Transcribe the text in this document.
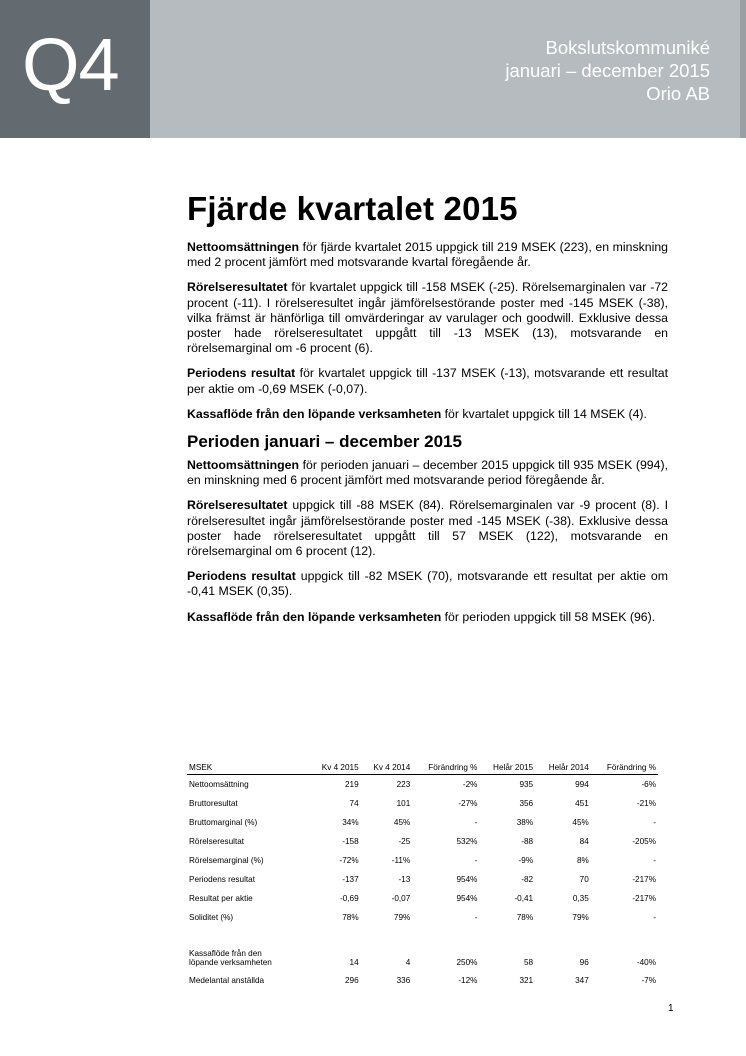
Q4	Bokslutskommuniké
januari – december 2015
Orio AB
Fjärde kvartalet 2015

Nettoomsättningen för fjärde kvartalet 2015 uppgick till 219 MSEK (223), en minskning med 2 procent jämfört med motsvarande kvartal föregående år.

Rörelseresultatet för kvartalet uppgick till -158 MSEK (-25). Rörelsemarginalen var -72 procent (-11). I rörelseresultet ingår jämförelsestörande poster med -145 MSEK (-38), vilka främst är hänförliga till omvärderingar av varulager och goodwill. Exklusive dessa poster hade rörelseresultatet uppgått till -13 MSEK (13), motsvarande en rörelsemarginal om -6 procent (6).

Periodens resultat för kvartalet uppgick till -137 MSEK (-13), motsvarande ett resultat per aktie om -0,69 MSEK (-0,07).

Kassaflöde från den löpande verksamheten för kvartalet uppgick till 14 MSEK (4).

Perioden januari – december 2015

Nettoomsättningen för perioden januari – december 2015 uppgick till 935 MSEK (994), en minskning med 6 procent jämfört med motsvarande period föregående år.

Rörelseresultatet uppgick till -88 MSEK (84). Rörelsemarginalen var -9 procent (8). I rörelseresultet ingår jämförelsestörande poster med -145 MSEK (-38). Exklusive dessa poster hade rörelseresultatet uppgått till 57 MSEK (122), motsvarande en rörelsemarginal om 6 procent (12).

Periodens resultat uppgick till -82 MSEK (70), motsvarande ett resultat per aktie om -0,41 MSEK (0,35).

Kassaflöde från den löpande verksamheten för perioden uppgick till 58 MSEK (96).

MSEK	Kv 4 2015	Kv 4 2014	Förändring %	Helår 2015	Helår 2014	Förändring %
Nettoomsättning	219	223	-2%	935	994	-6%
Bruttoresultat	74	101	-27%	356	451	-21%
Bruttomarginal (%)	34%	45%	-	38%	45%	-
Rörelseresultat	-158	-25	532%	-88	84	-205%
Rörelsemarginal (%)	-72%	-11%	-	-9%	8%	-
Periodens resultat	-137	-13	954%	-82	70	-217%
Resultat per aktie	-0,69	-0,07	954%	-0,41	0,35	-217%
Soliditet (%)	78%	79%	-	78%	79%	-

Kassaflöde från den löpande verksamheten	14	4	250%	58	96	-40%
Medelantal anställda	296	336	-12%	321	347	-7%
1
